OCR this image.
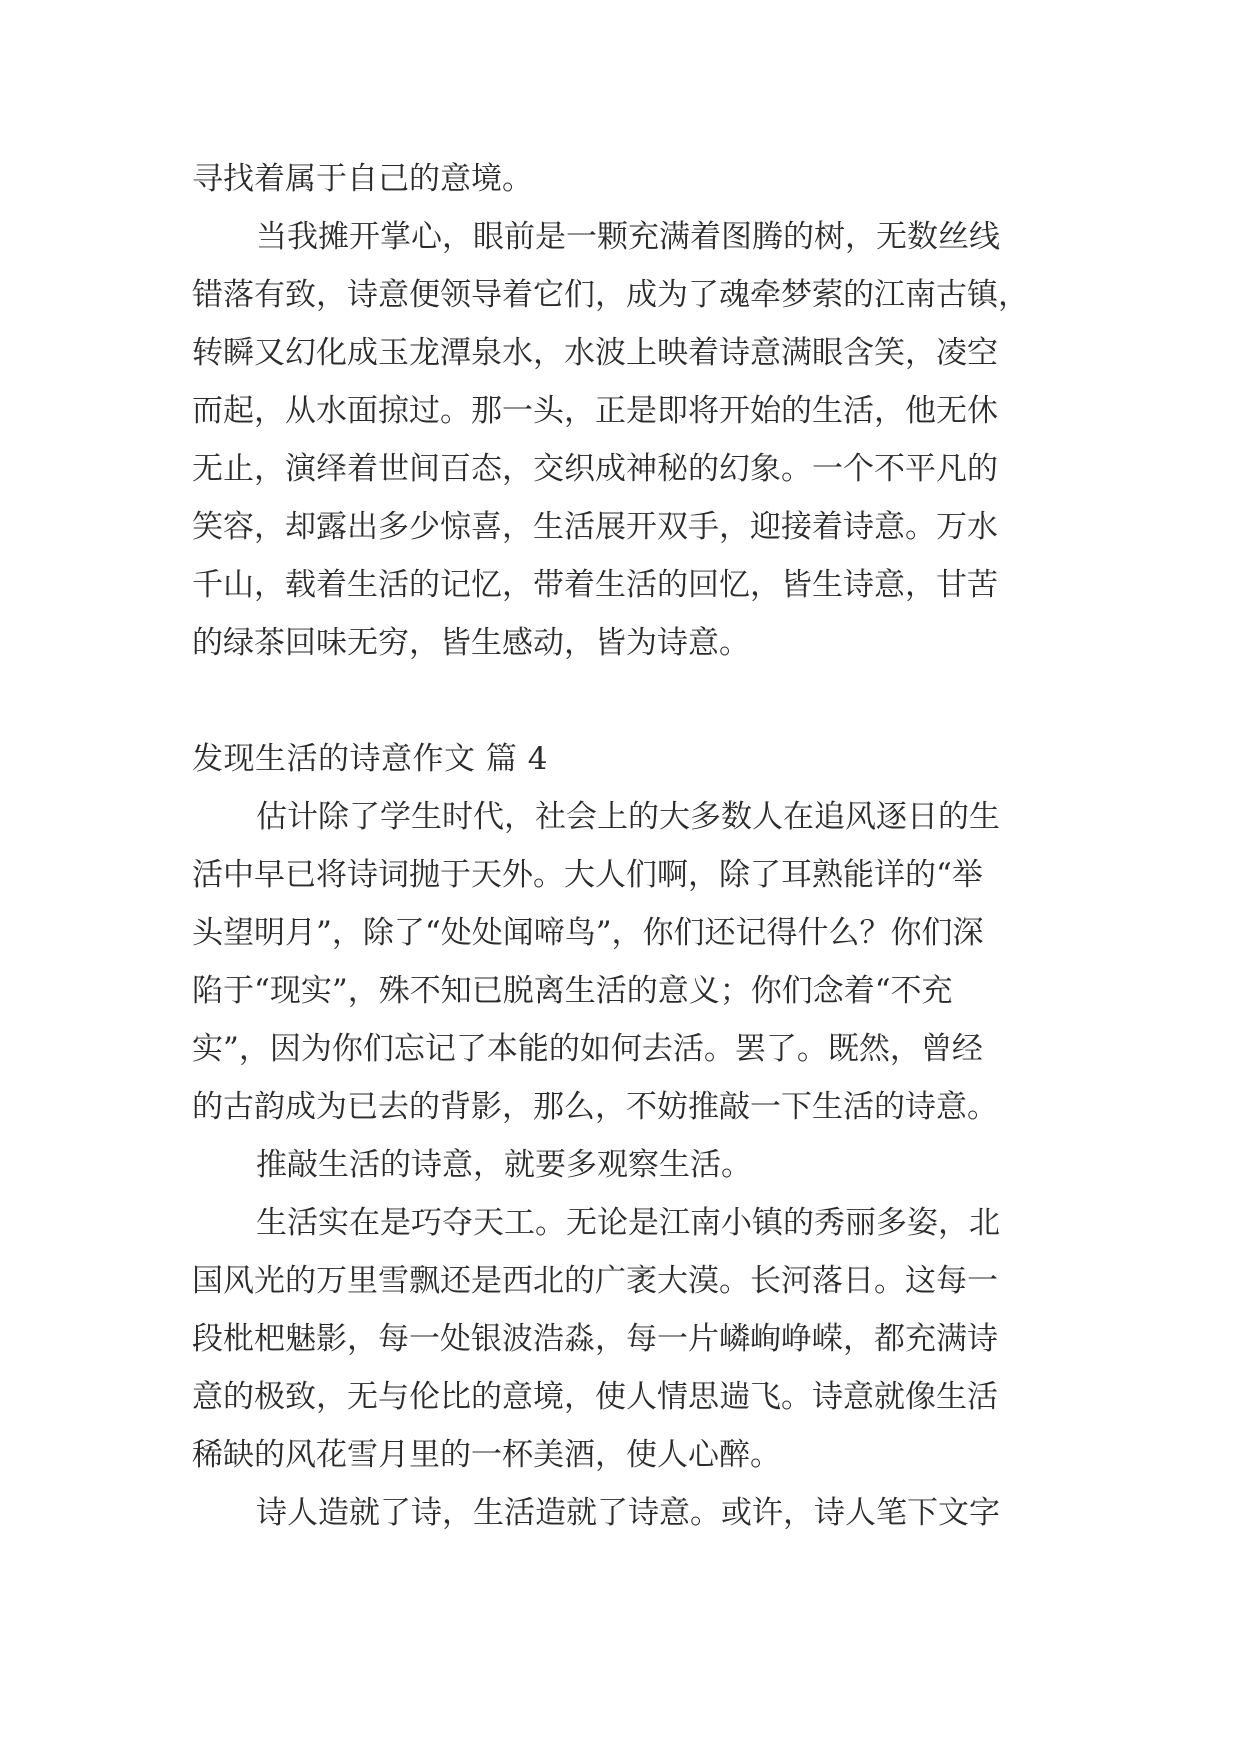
寻找着属于自己的意境。
当我摊开掌心，眼前是一颗充满着图腾的树，无数丝线
错落有致，诗意便领导着它们，成为了魂牵梦萦的江南古镇，
转瞬又幻化成玉龙潭泉水，水波上映着诗意满眼含笑，凌空
而起，从水面掠过。那一头，正是即将开始的生活，他无休
无止，演绎着世间百态，交织成神秘的幻象。一个不平凡的
笑容，却露出多少惊喜，生活展开双手，迎接着诗意。万水
千山，载着生活的记忆，带着生活的回忆，皆生诗意，甘苦
的绿茶回味无穷，皆生感动，皆为诗意。
发现生活的诗意作文 篇 4
估计除了学生时代，社会上的大多数人在追风逐日的生
活中早已将诗词抛于天外。大人们啊，除了耳熟能详的“举
头望明月”，除了“处处闻啼鸟”，你们还记得什么？你们深
陷于“现实”，殊不知已脱离生活的意义；你们念着“不充
实”，因为你们忘记了本能的如何去活。罢了。既然，曾经
的古韵成为已去的背影，那么，不妨推敲一下生活的诗意。
推敲生活的诗意，就要多观察生活。
生活实在是巧夺天工。无论是江南小镇的秀丽多姿，北
国风光的万里雪飘还是西北的广袤大漠。长河落日。这每一
段枇杷魅影，每一处银波浩淼，每一片嶙峋峥嵘，都充满诗
意的极致，无与伦比的意境，使人情思遄飞。诗意就像生活
稀缺的风花雪月里的一杯美酒，使人心醉。
诗人造就了诗，生活造就了诗意。或许，诗人笔下文字
